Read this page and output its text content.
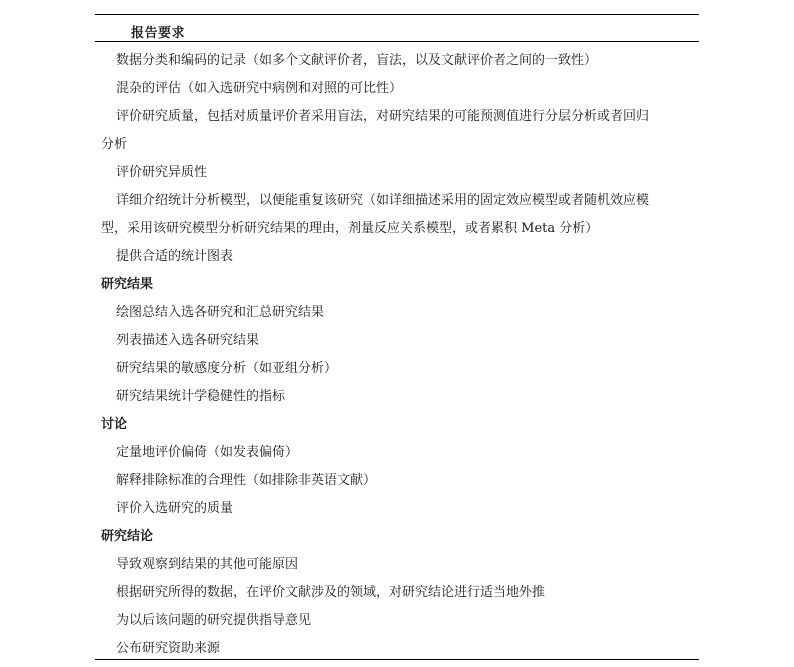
报告要求
数据分类和编码的记录（如多个文献评价者，盲法，以及文献评价者之间的一致性）
混杂的评估（如入选研究中病例和对照的可比性）
评价研究质量，包括对质量评价者采用盲法，对研究结果的可能预测值进行分层分析或者回归
分析
评价研究异质性
详细介绍统计分析模型，以便能重复该研究（如详细描述采用的固定效应模型或者随机效应模
型，采用该研究模型分析研究结果的理由，剂量反应关系模型，或者累积 Meta 分析）
提供合适的统计图表
研究结果
绘图总结入选各研究和汇总研究结果
列表描述入选各研究结果
研究结果的敏感度分析（如亚组分析）
研究结果统计学稳健性的指标
讨论
定量地评价偏倚（如发表偏倚）
解释排除标准的合理性（如排除非英语文献）
评价入选研究的质量
研究结论
导致观察到结果的其他可能原因
根据研究所得的数据，在评价文献涉及的领域，对研究结论进行适当地外推
为以后该问题的研究提供指导意见
公布研究资助来源
